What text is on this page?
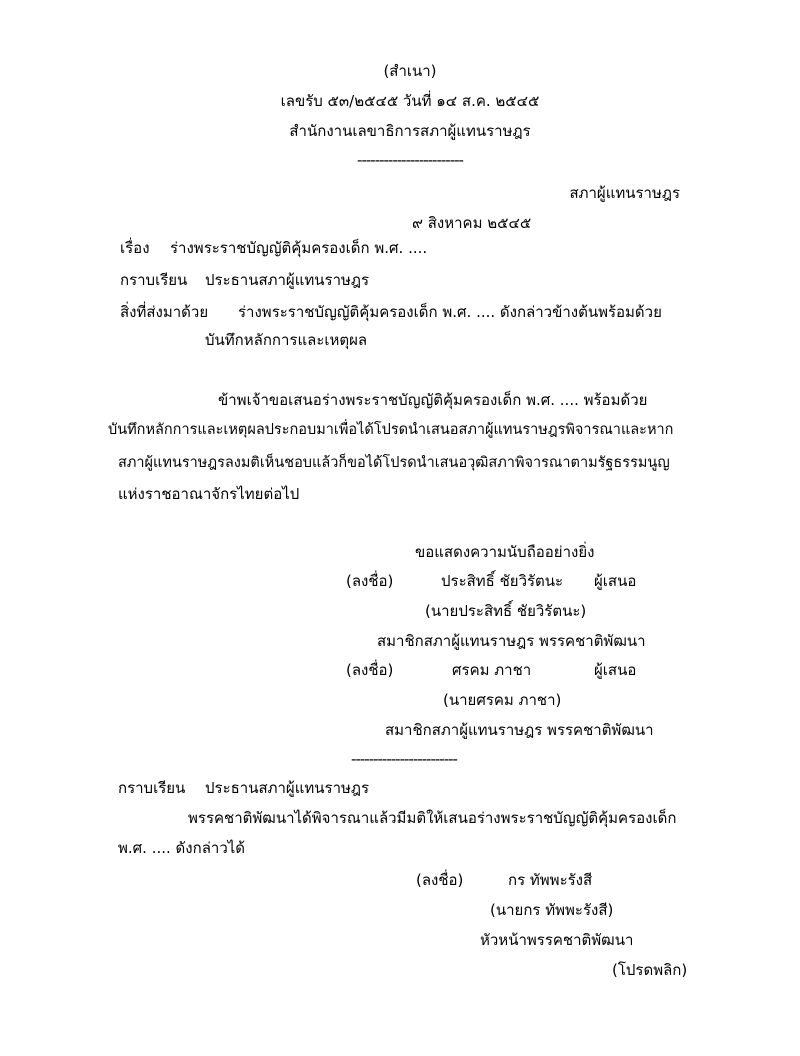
(สำเนา)
เลขรับ ๕๓/๒๕๔๕ วันที่ ๑๔ ส.ค. ๒๕๔๕
สำนักงานเลขาธิการสภาผู้แทนราษฎร
------------------------
สภาผู้แทนราษฎร
๙ สิงหาคม ๒๕๔๕
เรื่อง ร่างพระราชบัญญัติคุ้มครองเด็ก พ.ศ. ....
กราบเรียน ประธานสภาผู้แทนราษฎร
สิ่งที่ส่งมาด้วย ร่างพระราชบัญญัติคุ้มครองเด็ก พ.ศ. .... ดังกล่าวข้างต้นพร้อมด้วย
บันทึกหลักการและเหตุผล
ข้าพเจ้าขอเสนอร่างพระราชบัญญัติคุ้มครองเด็ก พ.ศ. .... พร้อมด้วย
บันทึกหลักการและเหตุผลประกอบมาเพื่อได้โปรดนำเสนอสภาผู้แทนราษฎรพิจารณาและหาก
สภาผู้แทนราษฎรลงมติเห็นชอบแล้วก็ขอได้โปรดนำเสนอวุฒิสภาพิจารณาตามรัฐธรรมนูญ
แห่งราชอาณาจักรไทยต่อไป
ขอแสดงความนับถืออย่างยิ่ง
(ลงชื่อ)	ประสิทธิ์ ชัยวิรัตนะ ผู้เสนอ
(นายประสิทธิ์ ชัยวิรัตนะ)
สมาชิกสภาผู้แทนราษฎร พรรคชาติพัฒนา
(ลงชื่อ)	ศรคม ภาชา	ผู้เสนอ
(นายศรคม ภาชา)
สมาชิกสภาผู้แทนราษฎร พรรคชาติพัฒนา
------------------------
กราบเรียน ประธานสภาผู้แทนราษฎร
พรรคชาติพัฒนาได้พิจารณาแล้วมีมติให้เสนอร่างพระราชบัญญัติคุ้มครองเด็ก
พ.ศ. .... ดังกล่าวได้
(ลงชื่อ)	กร ทัพพะรังสี
(นายกร ทัพพะรังสี)
หัวหน้าพรรคชาติพัฒนา
(โปรดพลิก)
